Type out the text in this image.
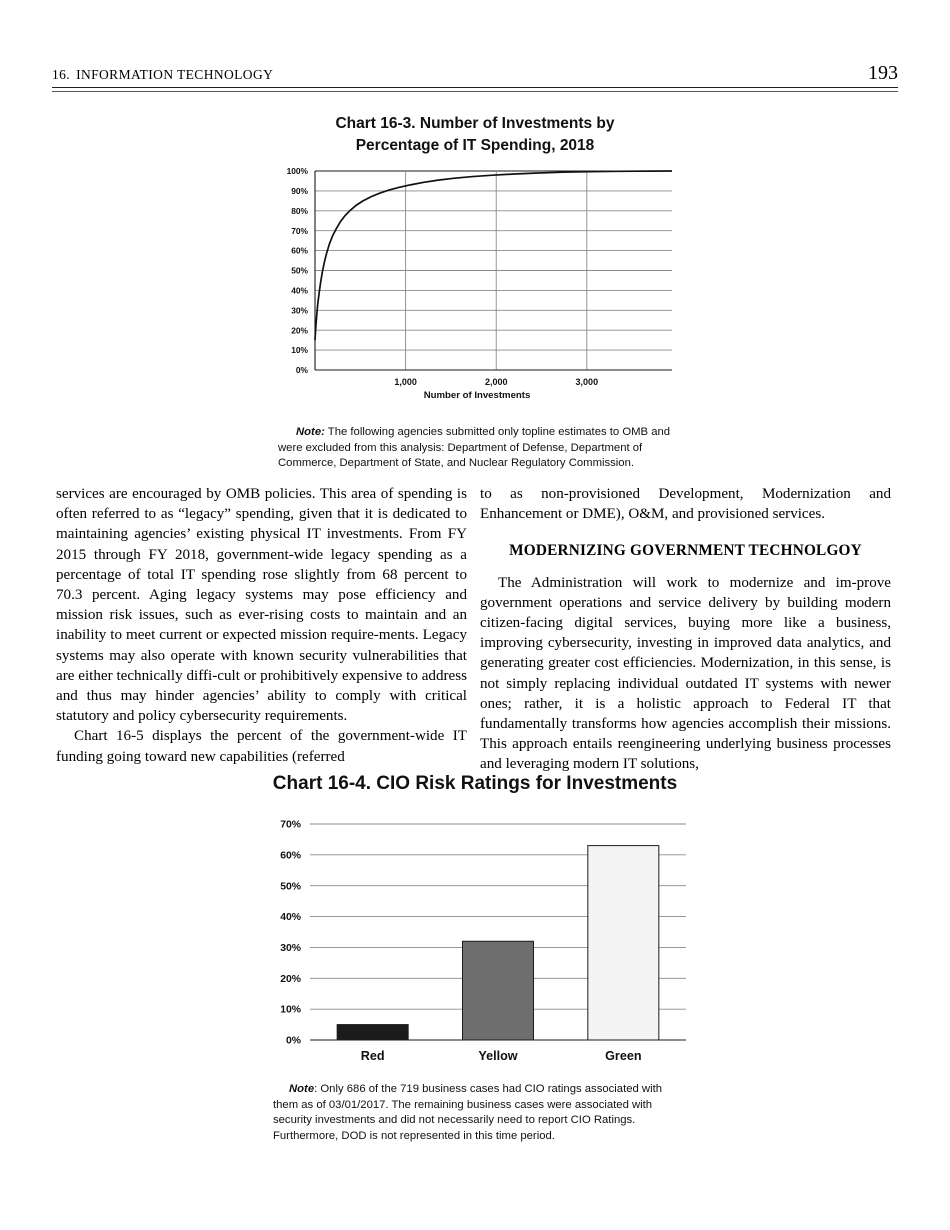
16. INFORMATION TECHNOLOGY	193
Chart 16-3. Number of Investments by
Percentage of IT Spending, 2018
0%
10%
20%
30%
40%
50%
60%
70%
80%
90%
100%
1,000	2,000	3,000
Number of Investments
Note: The following agencies submitted only topline estimates to OMB and were excluded from this analysis: Department of Defense, Department of Commerce, Department of State, and Nuclear Regulatory Commission.

services are encouraged by OMB policies. This area of spending is often referred to as “legacy” spending, given that it is dedicated to maintaining agencies’ existing physical IT investments. From FY 2015 through FY 2018, government-wide legacy spending as a percentage of total IT spending rose slightly from 68 percent to 70.3 percent. Aging legacy systems may pose efficiency and mission risk issues, such as ever-rising costs to maintain and an inability to meet current or expected mission require-ments. Legacy systems may also operate with known security vulnerabilities that are either technically diffi-cult or prohibitively expensive to address and thus may hinder agencies’ ability to comply with critical statutory and policy cybersecurity requirements.

Chart 16-5 displays the percent of the government-wide IT funding going toward new capabilities (referred

to as non-provisioned Development, Modernization and Enhancement or DME), O&M, and provisioned services.

MODERNIZING GOVERNMENT TECHNOLGOY

The Administration will work to modernize and im-prove government operations and service delivery by building modern citizen-facing digital services, buying more like a business, improving cybersecurity, investing in improved data analytics, and generating greater cost efficiencies. Modernization, in this sense, is not simply replacing individual outdated IT systems with newer ones; rather, it is a holistic approach to Federal IT that fundamentally transforms how agencies accomplish their missions. This approach entails reengineering underlying business processes and leveraging modern IT solutions,

Chart 16-4. CIO Risk Ratings for Investments
0%
10%
20%
30%
40%
50%
60%
70%
Red	Yellow	Green
Note: Only 686 of the 719 business cases had CIO ratings associated with them as of 03/01/2017. The remaining business cases were associated with security investments and did not necessarily need to report CIO Ratings. Furthermore, DOD is not represented in this time period.
